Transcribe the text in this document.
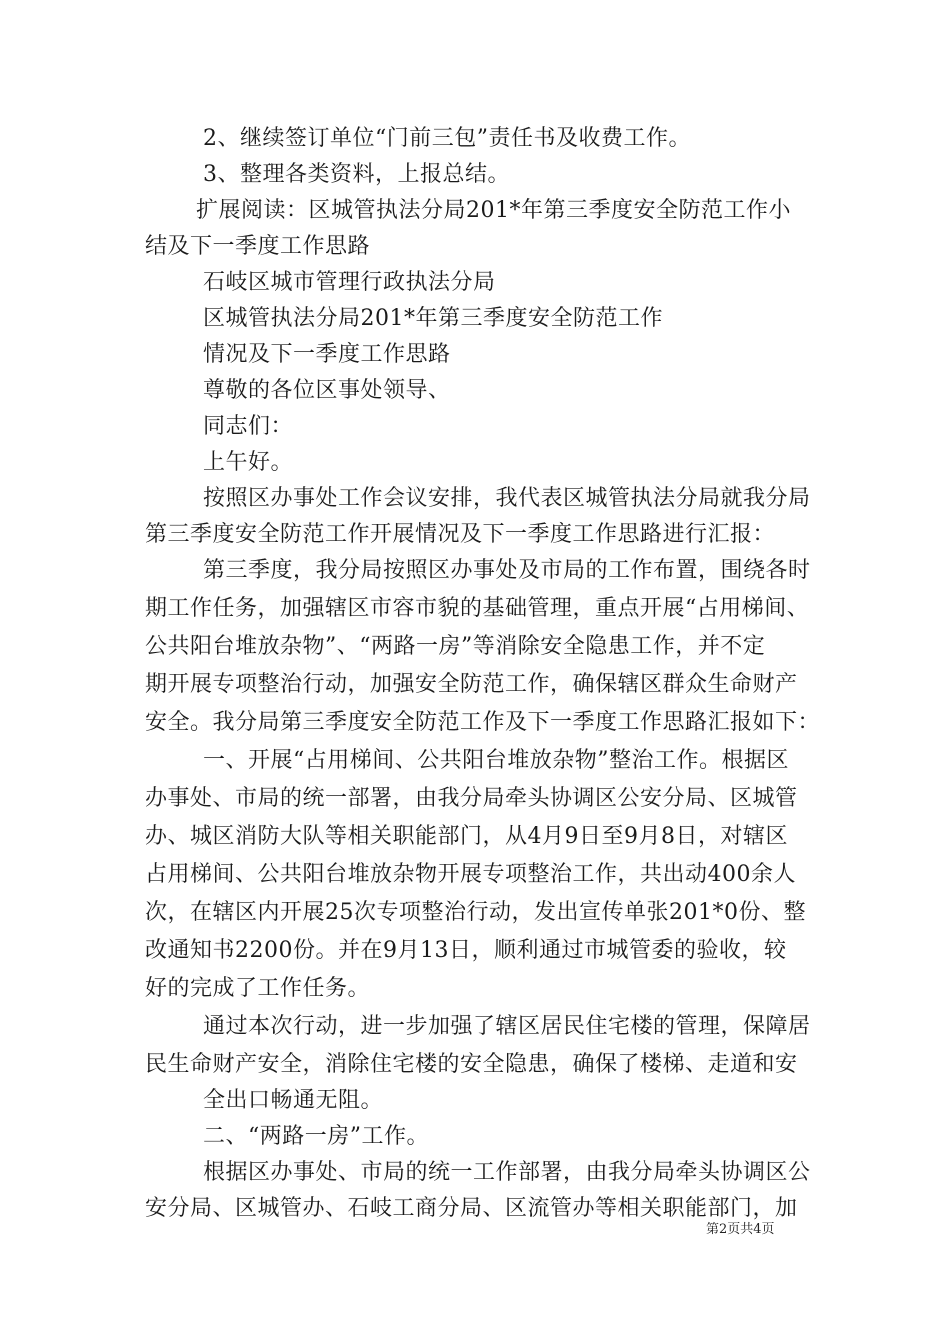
2、继续签订单位“门前三包”责任书及收费工作。
3、整理各类资料，上报总结。
扩展阅读：区城管执法分局201*年第三季度安全防范工作小
结及下一季度工作思路
石岐区城市管理行政执法分局
区城管执法分局201*年第三季度安全防范工作
情况及下一季度工作思路
尊敬的各位区事处领导、
同志们：
上午好。
按照区办事处工作会议安排，我代表区城管执法分局就我分局
第三季度安全防范工作开展情况及下一季度工作思路进行汇报：
第三季度，我分局按照区办事处及市局的工作布置，围绕各时
期工作任务，加强辖区市容市貌的基础管理，重点开展“占用梯间、
公共阳台堆放杂物”、“两路一房”等消除安全隐患工作，并不定
期开展专项整治行动，加强安全防范工作，确保辖区群众生命财产
安全。我分局第三季度安全防范工作及下一季度工作思路汇报如下：
一、开展“占用梯间、公共阳台堆放杂物”整治工作。根据区
办事处、市局的统一部署，由我分局牵头协调区公安分局、区城管
办、城区消防大队等相关职能部门，从4月9日至9月8日，对辖区
占用梯间、公共阳台堆放杂物开展专项整治工作，共出动400余人
次，在辖区内开展25次专项整治行动，发出宣传单张201*0份、整
改通知书2200份。并在9月13日，顺利通过市城管委的验收，较
好的完成了工作任务。
通过本次行动，进一步加强了辖区居民住宅楼的管理，保障居
民生命财产安全，消除住宅楼的安全隐患，确保了楼梯、走道和安
全出口畅通无阻。
二、“两路一房”工作。
根据区办事处、市局的统一工作部署，由我分局牵头协调区公
安分局、区城管办、石岐工商分局、区流管办等相关职能部门，加
第2页共4页
